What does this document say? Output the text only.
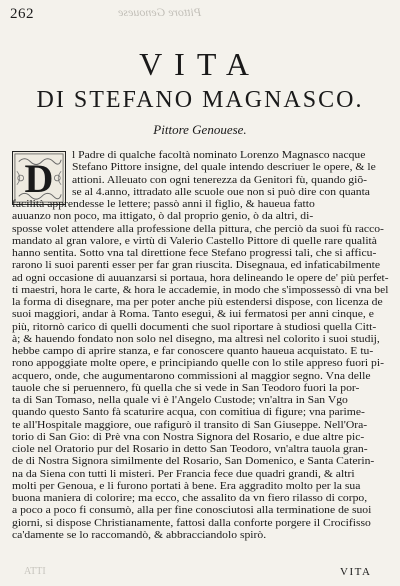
262	Pittore Genouese
VITA
DI STEFANO MAGNASCO.
Pittore Genouese.
D
l Padre di qualche facoltà nominato Lorenzo Magnasco nacque
Stefano Pittore insigne, del quale intendo descriuer le opere, & le
attioni. Alleuato con ogni tenerezza da Genitori fù, quando giõ-
se al 4.anno, ittradato alle scuole oue non si può dire con quanta
facilità apprendesse le lettere; passò anni il figlio, & haueua fatto
auuanzo non poco, ma ittigato, ò dal proprio genio, ò da altri, di-
sposse volet attendere alla professione della pittura, che perciò da suoi fù racco-
mandato al gran valore, e virtù di Valerio Castello Pittore di quelle rare qualità
hanno sentita. Sotto vna tal direttione fece Stefano progressi tali, che si afficu-
rarono li suoi parenti esser per far gran riuscita. Disegnaua, ed infaticabilmente
ad ogni occasione di auuanzarsi si portaua, hora delineando le opere de' più perfet-
ti maestri, hora le carte, & hora le accademie, in modo che s'impossessò di vna bel
la forma di disegnare, ma per poter anche più estendersi dispose, con licenza de
suoi maggiori, andar à Roma. Tanto eseguì, & iui fermatosi per anni cinque, e
più, ritornò carico di quelli documenti che suol riportare à studiosi quella Citt-
à; & hauendo fondato non solo nel disegno, ma altresì nel colorito i suoi studij,
hebbe campo di aprire stanza, e far conoscere quanto haueua acquistato. E tu-
rono appoggiate molte opere, e principiando quelle con lo stile appreso fuori pi-
acquero, onde, che augumentarono commissioni al maggior segno. Vna delle
tauole che si peruennero, fù quella che si vede in San Teodoro fuori la por-
ta di San Tomaso, nella quale vi è l'Angelo Custode; vn'altra in San Vgo
quando questo Santo fà scaturire acqua, con comitiua di figure; vna parime-
te all'Hospitale maggiore, oue rafigurò il transito di San Giuseppe. Nell'Ora-
torio di San Gio: di Prè vna con Nostra Signora del Rosario, e due altre pic-
ciole nel Oratorio pur del Rosario in detto San Teodoro, vn'altra tauola gran-
de di Nostra Signora similmente del Rosario, San Domenico, e Santa Caterin-
na da Siena con tutti li misteri. Per Francia fece due quadri grandi, & altri
molti per Genoua, e li furono portati à bene. Era aggradito molto per la sua
buona maniera di colorire; ma ecco, che assalito da vn fiero rilasso di corpo,
a poco a poco fi consumò, alla per fine conosciutosi alla terminatione de suoi
giorni, si dispose Christianamente, fattosi dalla conforte porgere il Crocifisso
ca'damente se lo raccomandò, & abbracciandolo spirò.
ATTI	VITA
